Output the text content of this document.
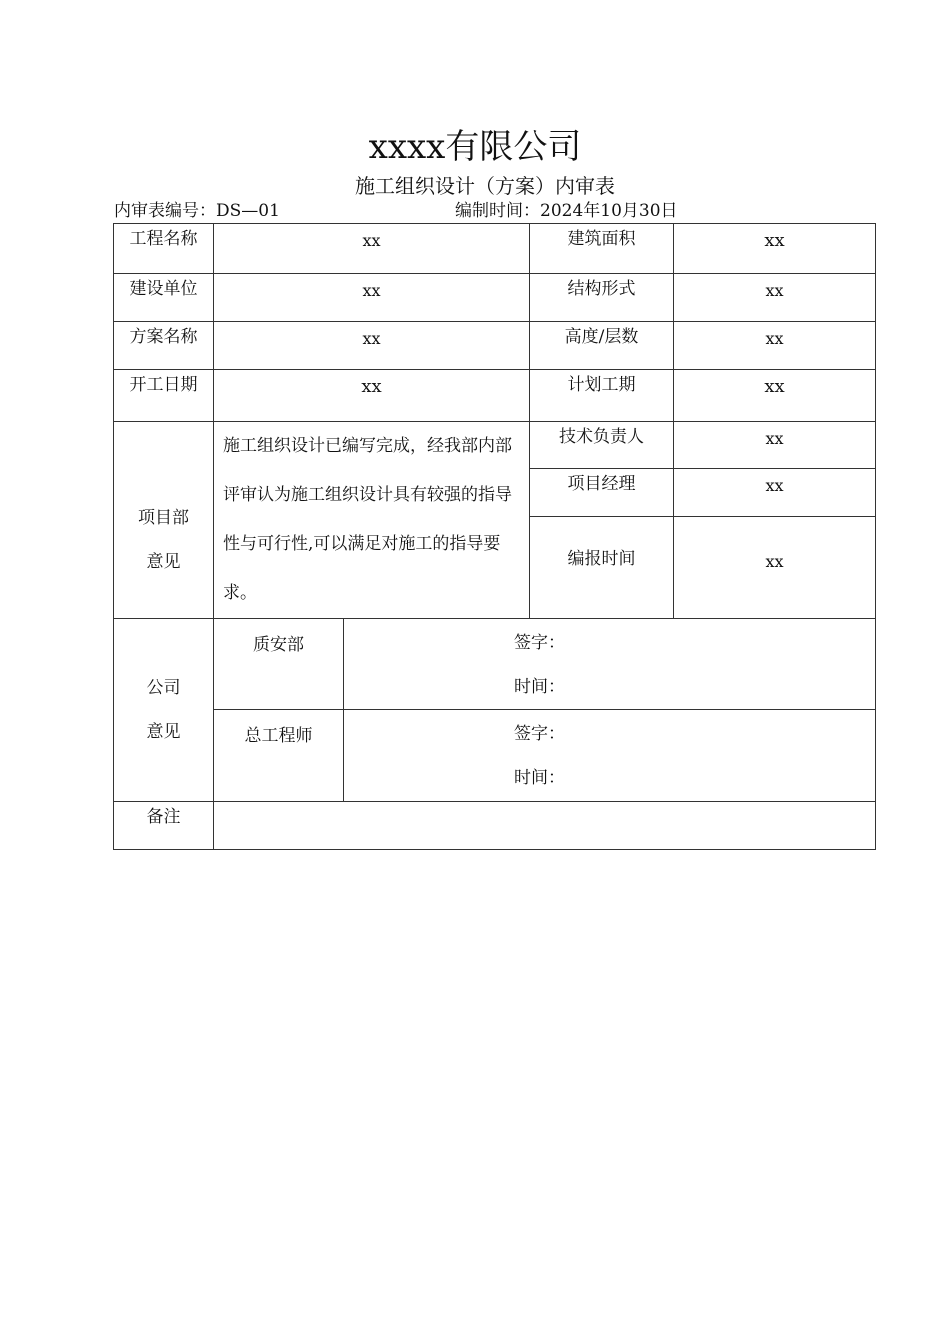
xxxx有限公司
施工组织设计（方案）内审表
内审表编号：DS—01	编制时间：2024年10月30日
工程名称	xx		建筑面积	xx
建设单位	xx		结构形式	xx
方案名称	xx		高度/层数	xx
开工日期	xx		计划工期	xx

项目部
意见	施工组织设计已编写完成，经我部内部评审认为施工组织设计具有较强的指导性与可行性,可以满足对施工的指导要求。		技术负责人	xx
			项目经理	xx
			编报时间	xx

公司
意见	质安部	签字：
时间：		

	总工程师	签字：
时间：		

备注				
